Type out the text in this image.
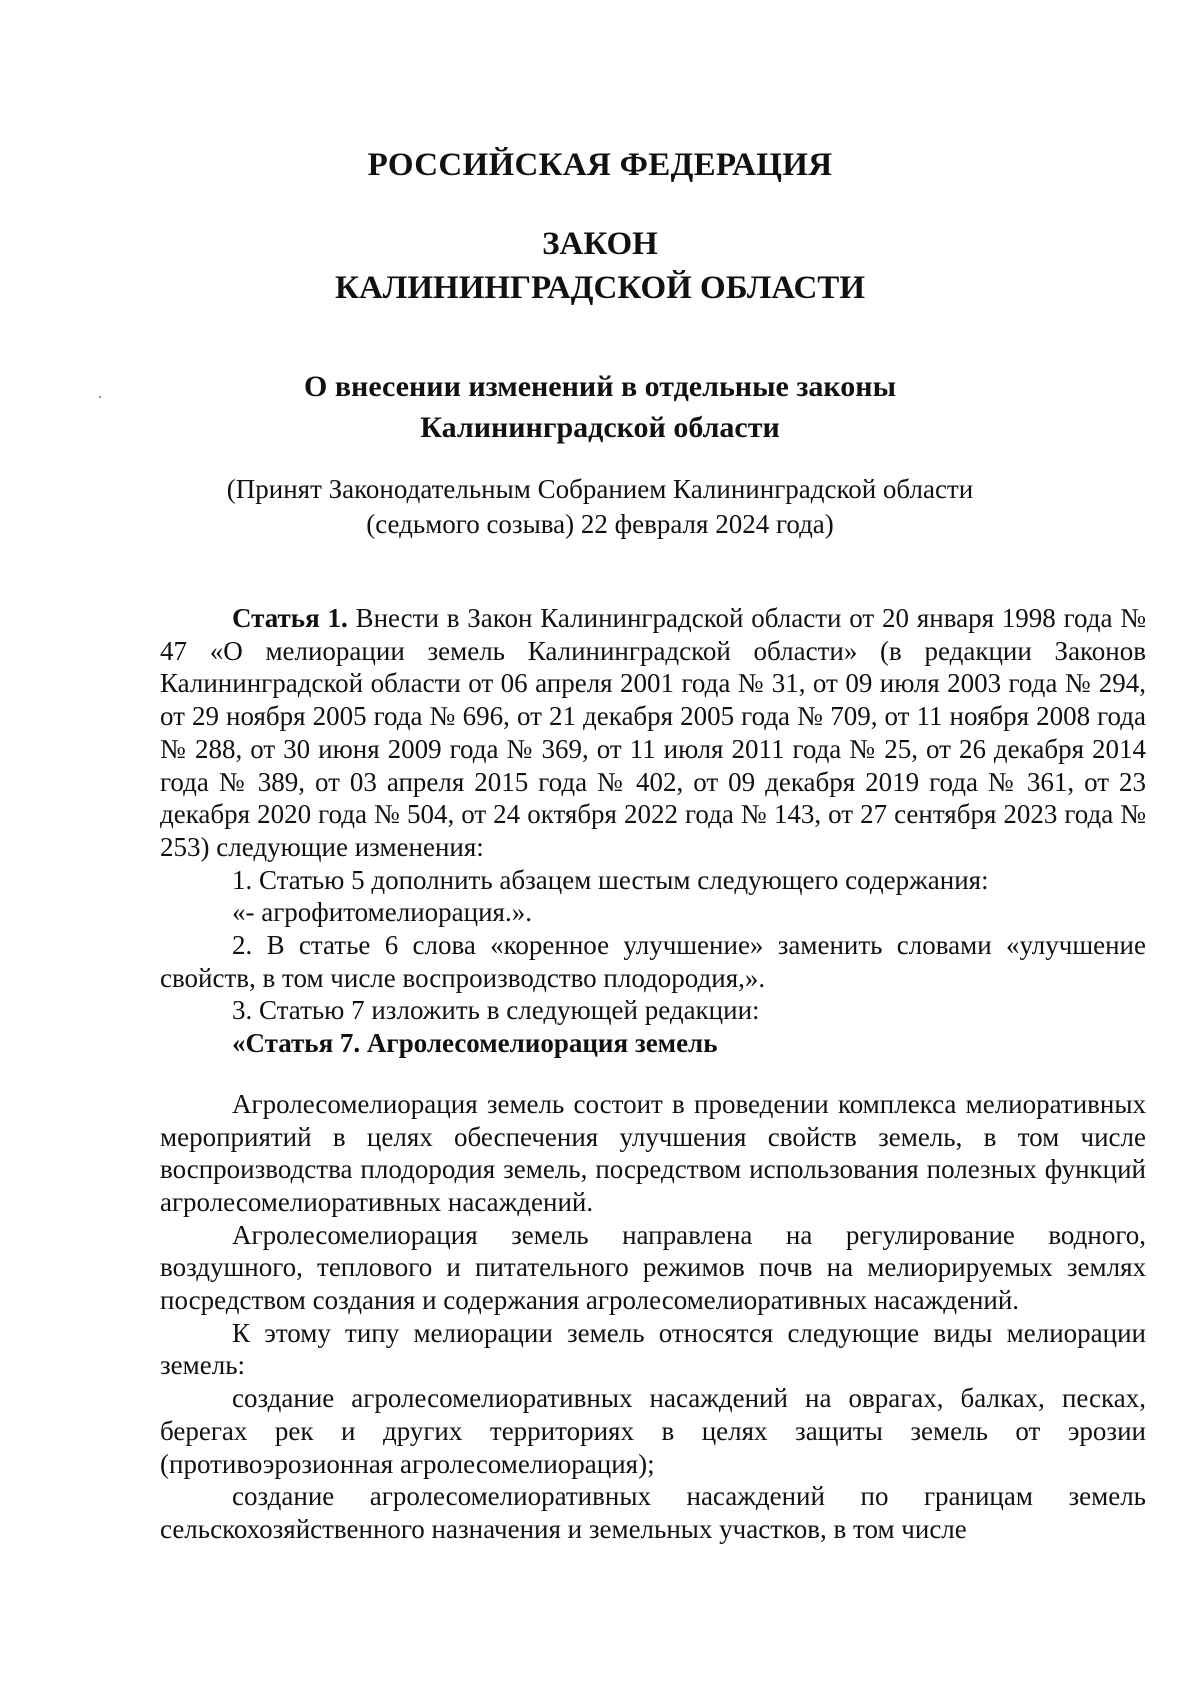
РОССИЙСКАЯ ФЕДЕРАЦИЯ
ЗАКОН
КАЛИНИНГРАДСКОЙ ОБЛАСТИ
О внесении изменений в отдельные законы
Калининградской области
(Принят Законодательным Собранием Калининградской области
(седьмого созыва) 22 февраля 2024 года)

Статья 1. Внести в Закон Калининградской области от 20 января 1998 года № 47 «О мелиорации земель Калининградской области» (в редакции Законов Калининградской области от 06 апреля 2001 года № 31, от 09 июля 2003 года № 294, от 29 ноября 2005 года № 696, от 21 декабря 2005 года № 709, от 11 ноября 2008 года № 288, от 30 июня 2009 года № 369, от 11 июля 2011 года № 25, от 26 декабря 2014 года № 389, от 03 апреля 2015 года № 402, от 09 декабря 2019 года № 361, от 23 декабря 2020 года № 504, от 24 октября 2022 года № 143, от 27 сентября 2023 года № 253) следующие изменения:

1. Статью 5 дополнить абзацем шестым следующего содержания:

«- агрофитомелиорация.».

2. В статье 6 слова «коренное улучшение» заменить словами «улучшение свойств, в том числе воспроизводство плодородия,».

3. Статью 7 изложить в следующей редакции:

«Статья 7. Агролесомелиорация земель

Агролесомелиорация земель состоит в проведении комплекса мелиоративных мероприятий в целях обеспечения улучшения свойств земель, в том числе воспроизводства плодородия земель, посредством использования полезных функций агролесомелиоративных насаждений.

Агролесомелиорация земель направлена на регулирование водного, воздушного, теплового и питательного режимов почв на мелиорируемых землях посредством создания и содержания агролесомелиоративных насаждений.

К этому типу мелиорации земель относятся следующие виды мелиорации земель:

создание агролесомелиоративных насаждений на оврагах, балках, песках, берегах рек и других территориях в целях защиты земель от эрозии (противоэрозионная агролесомелиорация);

создание агролесомелиоративных насаждений по границам земель сельскохозяйственного назначения и земельных участков, в том числе
